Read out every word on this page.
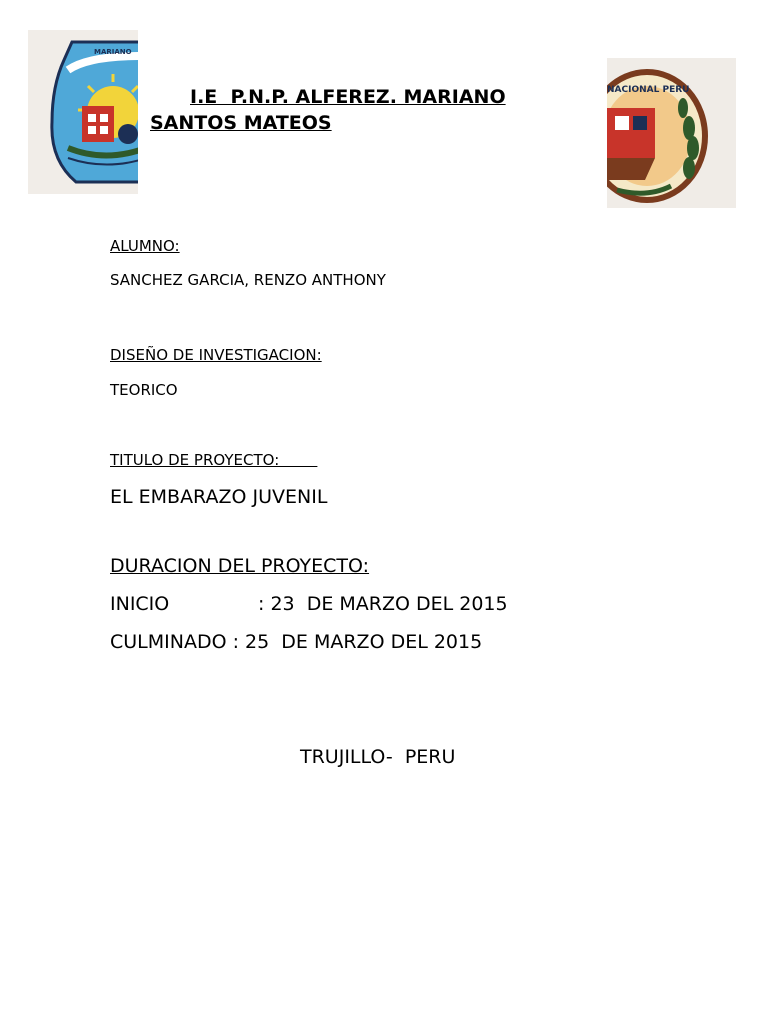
MARIANO
NACIONAL PERU
I.E  P.N.P. ALFEREZ. MARIANO
SANTOS MATEOS
ALUMNO:
SANCHEZ GARCIA, RENZO ANTHONY
DISEÑO DE INVESTIGACION:
TEORICO
TITULO DE PROYECTO:
EL EMBARAZO JUVENIL
DURACION DEL PROYECTO:
INICIO	: 23  DE MARZO DEL 2015
CULMINADO : 25  DE MARZO DEL 2015
TRUJILLO-  PERU
